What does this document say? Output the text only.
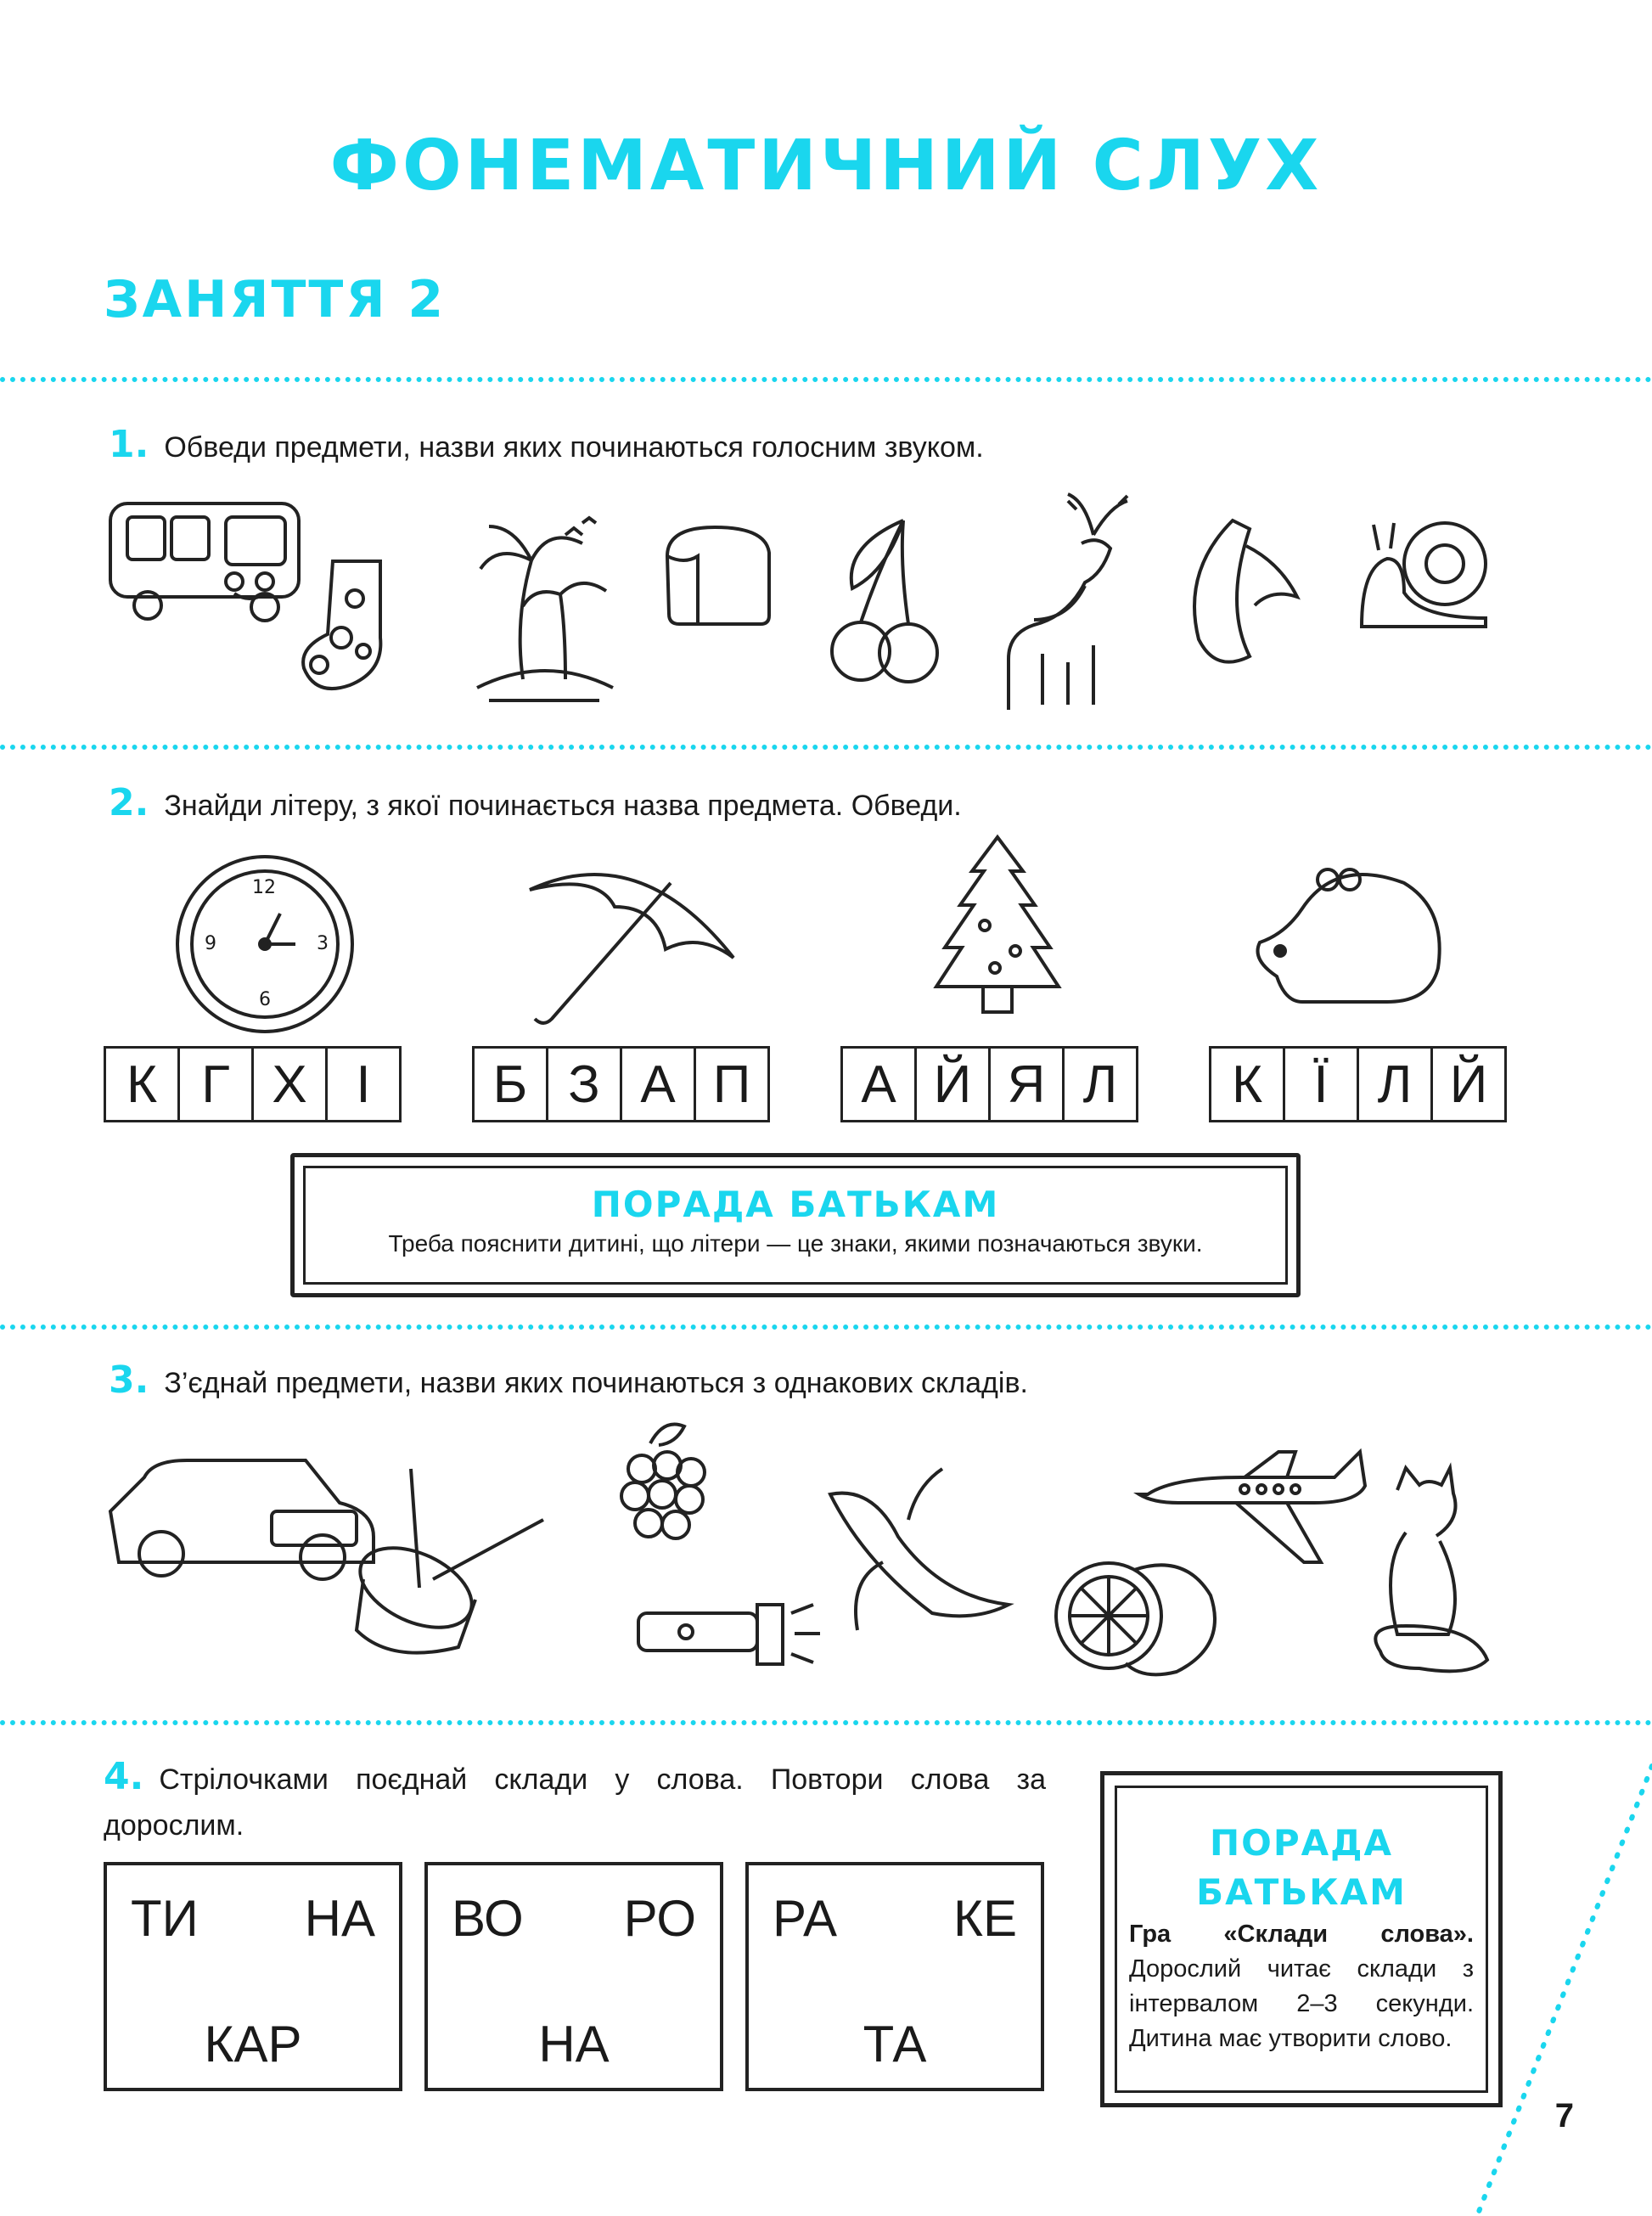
ФОНЕМАТИЧНИЙ СЛУХ
ЗАНЯТТЯ 2
1. Обведи предмети, назви яких починаються голосним звуком.
2. Знайди літеру, з якої починається назва предмета. Обведи.
12
3
6
9
К Г Х І	Б З А П	А Й Я Л	К Ї Л Й
ПОРАДА БАТЬКАМ
Треба пояснити дитині, що літери — це знаки, якими позначаються звуки.
3. З’єднай предмети, назви яких починаються з однакових складів.
4. Стрілочками поєднай склади у слова. Повтори слова за дорослим.
ТИ НА
КАР
ВО РО
НА
РА КЕ
ТА
ПОРАДА
БАТЬКАМ
Гра «Склади слова». Дорослий читає склади з інтервалом 2–3 секунди. Дитина має утворити слово.
7
